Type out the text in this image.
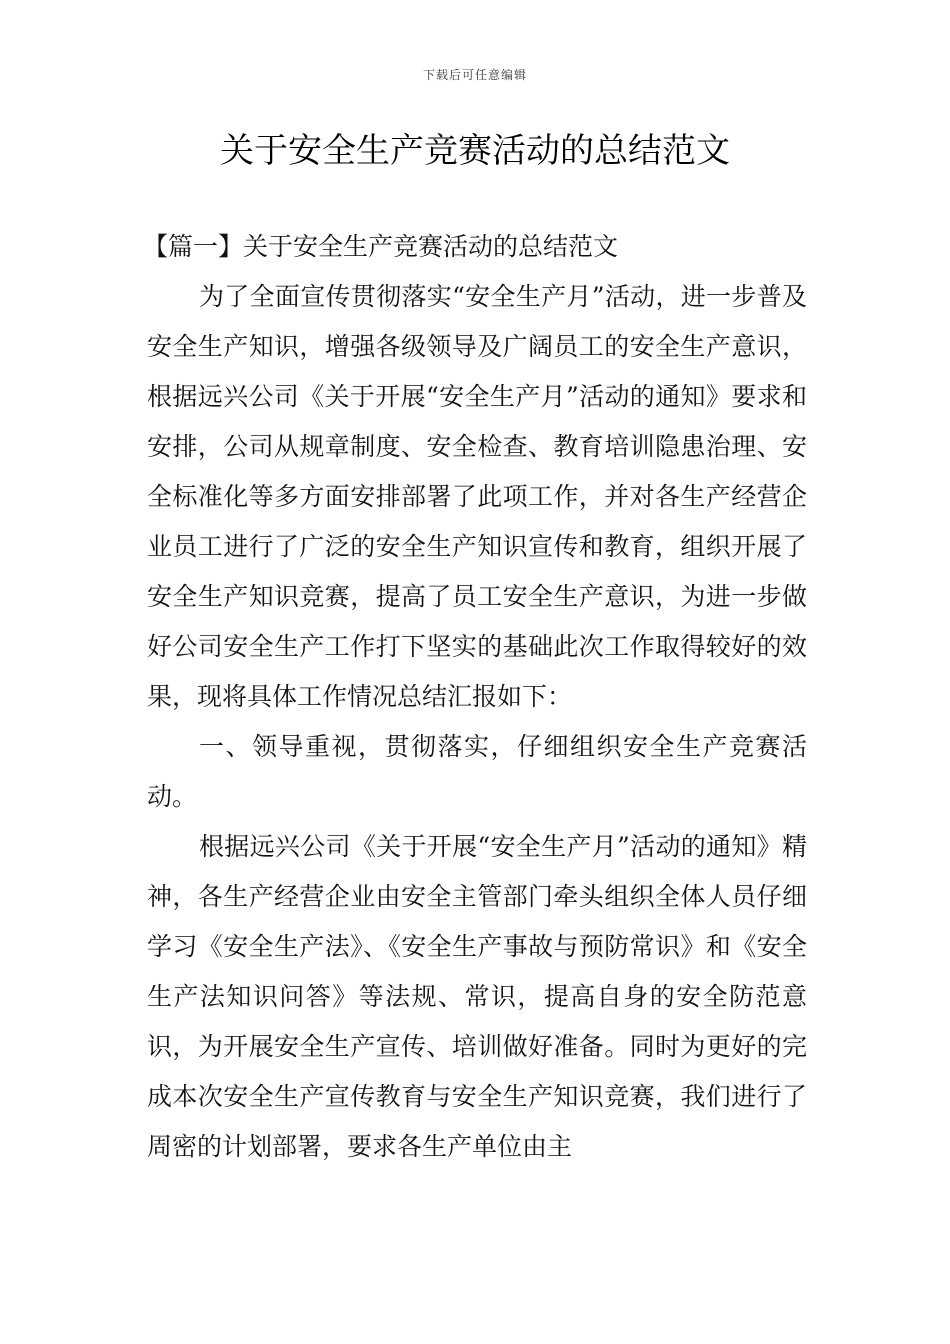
下载后可任意编辑
关于安全生产竞赛活动的总结范文

【篇一】关于安全生产竞赛活动的总结范文

为了全面宣传贯彻落实“安全生产月”活动，进一步普及安全生产知识，增强各级领导及广阔员工的安全生产意识，根据远兴公司《关于开展“安全生产月”活动的通知》要求和安排，公司从规章制度、安全检查、教育培训隐患治理、安全标准化等多方面安排部署了此项工作，并对各生产经营企业员工进行了广泛的安全生产知识宣传和教育，组织开展了安全生产知识竞赛，提高了员工安全生产意识，为进一步做好公司安全生产工作打下坚实的基础此次工作取得较好的效果，现将具体工作情况总结汇报如下：

一、领导重视，贯彻落实，仔细组织安全生产竞赛活动。

根据远兴公司《关于开展“安全生产月”活动的通知》精神，各生产经营企业由安全主管部门牵头组织全体人员仔细学习《安全生产法》、《安全生产事故与预防常识》和《安全生产法知识问答》等法规、常识，提高自身的安全防范意识，为开展安全生产宣传、培训做好准备。同时为更好的完成本次安全生产宣传教育与安全生产知识竞赛，我们进行了周密的计划部署，要求各生产单位由主
